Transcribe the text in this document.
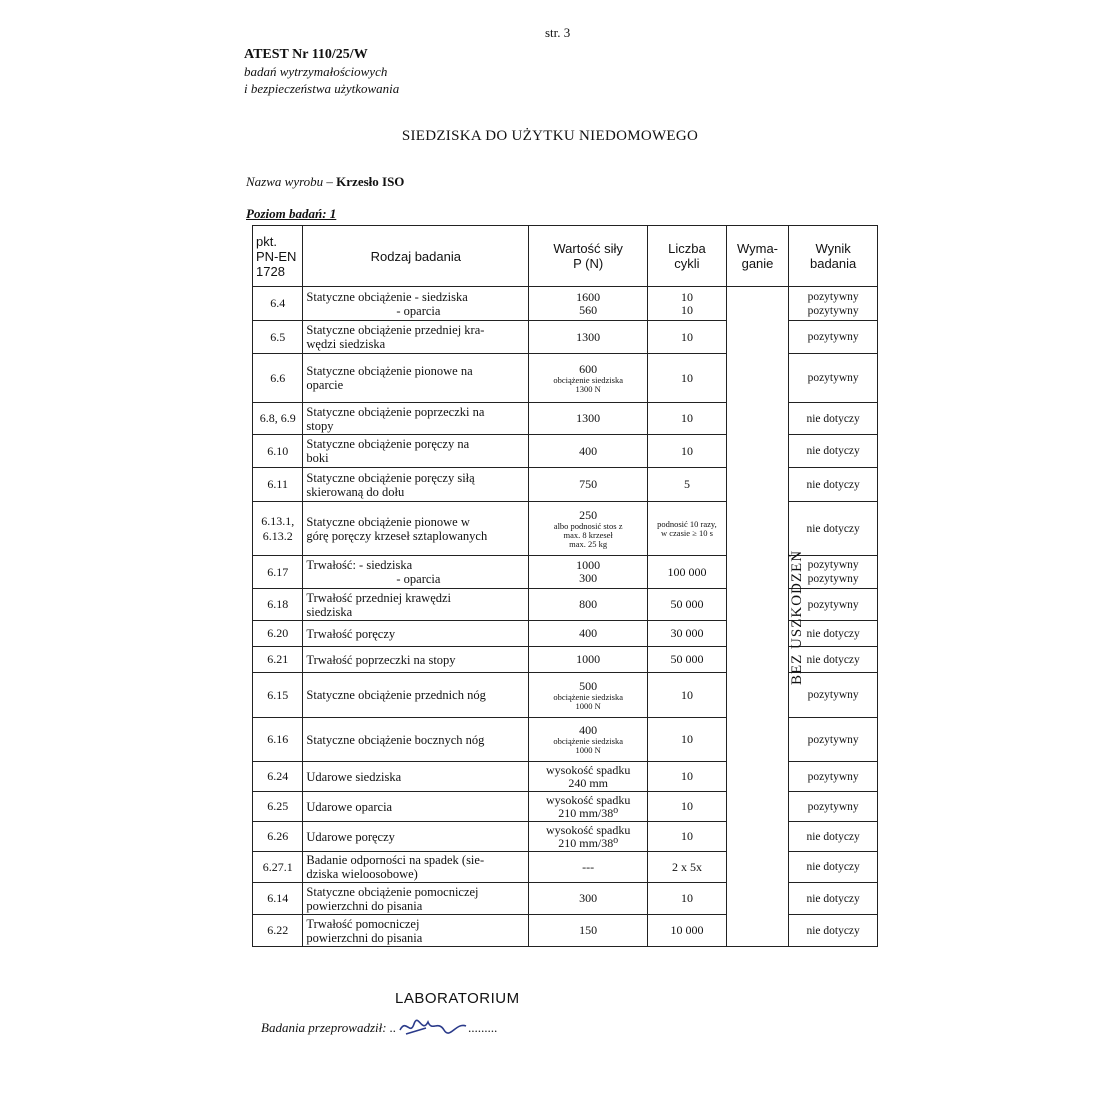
str. 3
ATEST Nr 110/25/W
badań wytrzymałościowych
i bezpieczeństwa użytkowania
SIEDZISKA DO UŻYTKU NIEDOMOWEGO
Nazwa wyrobu – Krzesło ISO
Poziom badań: 1
pkt.
PN-EN
1728	Rodzaj badania	Wartość siły
P (N)	Liczba
cykli	Wyma-
ganie	Wynik
badania

6.4	Statyczne obciążenie - siedziska
- oparcia	1600
560	10
10	BEZ USZKODZEŃ	pozytywny
pozytywny

6.5	Statyczne obciążenie przedniej kra-
wędzi siedziska	1300	10		pozytywny

6.6	Statyczne obciążenie pionowe na
oparcie	600
obciążenie siedziska
1300 N	10		pozytywny

6.8, 6.9	Statyczne obciążenie poprzeczki na
stopy	1300	10		nie dotyczy

6.10	Statyczne obciążenie poręczy na
boki	400	10		nie dotyczy

6.11	Statyczne obciążenie poręczy siłą
skierowaną do dołu	750	5		nie dotyczy

6.13.1, 6.13.2	Statyczne obciążenie pionowe w
górę poręczy krzeseł sztaplowanych	250
albo podnosić stos z
max. 8 krzeseł
max. 25 kg	podnosić 10 razy,
w czasie ≥ 10 s		nie dotyczy

6.17	Trwałość: - siedziska
- oparcia	1000
300	100 000		pozytywny
pozytywny

6.18	Trwałość przedniej krawędzi
siedziska	800	50 000		pozytywny

6.20	Trwałość poręczy	400	30 000		nie dotyczy

6.21	Trwałość poprzeczki na stopy	1000	50 000		nie dotyczy

6.15	Statyczne obciążenie przednich nóg	500
obciążenie siedziska
1000 N	10		pozytywny

6.16	Statyczne obciążenie bocznych nóg	400
obciążenie siedziska
1000 N	10		pozytywny

6.24	Udarowe siedziska	wysokość spadku
240 mm	10		pozytywny

6.25	Udarowe oparcia	wysokość spadku
210 mm/38⁰	10		pozytywny

6.26	Udarowe poręczy	wysokość spadku
210 mm/38⁰	10		nie dotyczy

6.27.1	Badanie odporności na spadek (sie-
dziska wieloosobowe)	---	2 x 5x		nie dotyczy

6.14	Statyczne obciążenie pomocniczej
powierzchni do pisania	300	10		nie dotyczy

6.22	Trwałość pomocniczej
powierzchni do pisania	150	10 000		nie dotyczy
LABORATORIUM
Badania przeprowadził: ..	.........
